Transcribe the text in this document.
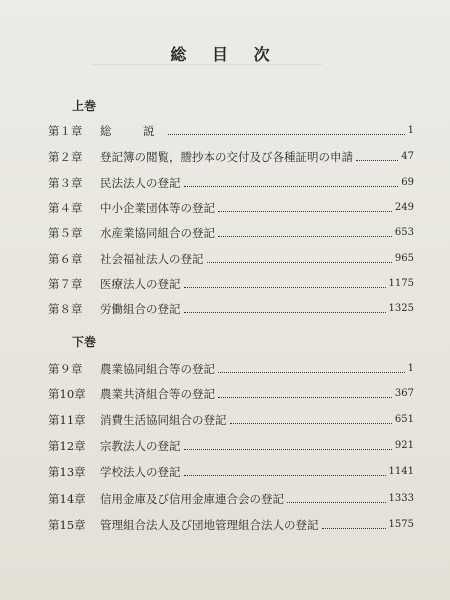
総 目 次
上巻
第１章	総　説	1
第２章	登記簿の閲覧，謄抄本の交付及び各種証明の申請	47
第３章	民法法人の登記	69
第４章	中小企業団体等の登記	249
第５章	水産業協同組合の登記	653
第６章	社会福祉法人の登記	965
第７章	医療法人の登記	1175
第８章	労働組合の登記	1325
下巻
第９章	農業協同組合等の登記	1
第10章	農業共済組合等の登記	367
第11章	消費生活協同組合の登記	651
第12章	宗教法人の登記	921
第13章	学校法人の登記	1141
第14章	信用金庫及び信用金庫連合会の登記	1333
第15章	管理組合法人及び団地管理組合法人の登記	1575
